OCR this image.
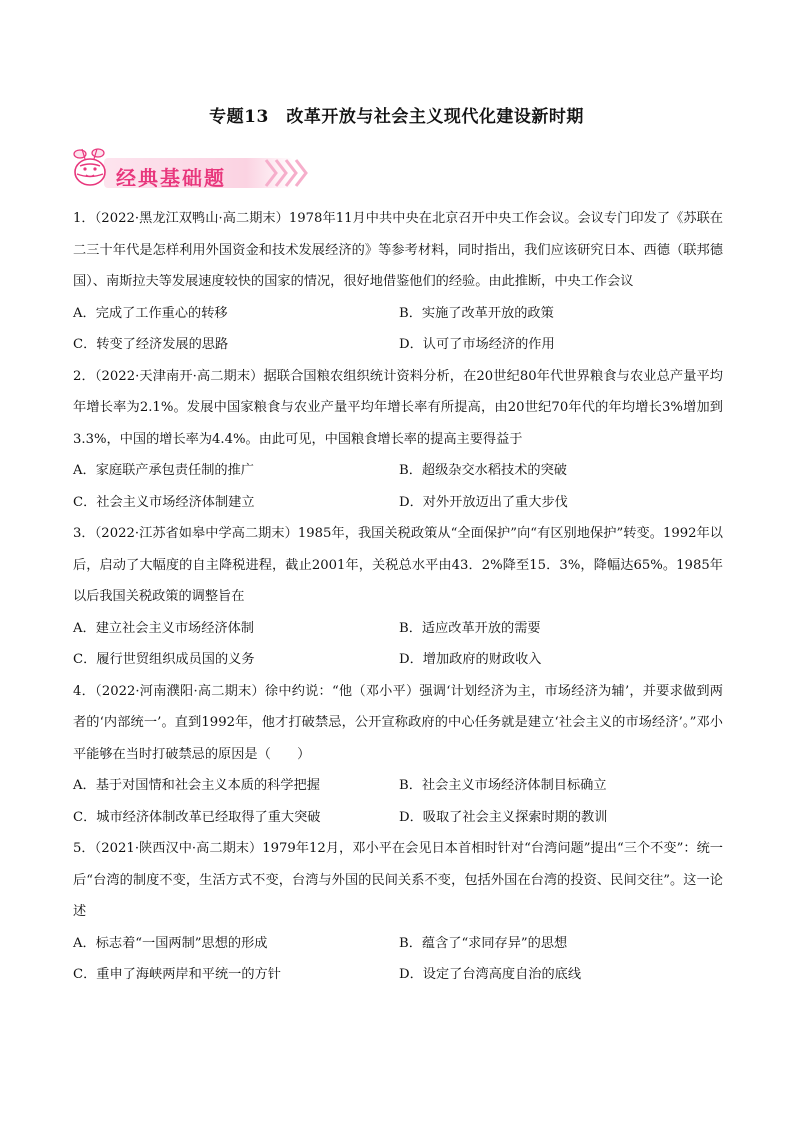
专题13　改革开放与社会主义现代化建设新时期
经典基础题

1．（2022·黑龙江双鸭山·高二期末）1978年11月中共中央在北京召开中央工作会议。会议专门印发了《苏联在二三十年代是怎样利用外国资金和技术发展经济的》等参考材料，同时指出，我们应该研究日本、西德（联邦德国）、南斯拉夫等发展速度较快的国家的情况，很好地借鉴他们的经验。由此推断，中央工作会议

A．完成了工作重心的转移	B．实施了改革开放的政策
C．转变了经济发展的思路	D．认可了市场经济的作用

2．（2022·天津南开·高二期末）据联合国粮农组织统计资料分析，在20世纪80年代世界粮食与农业总产量平均年增长率为2.1%。发展中国家粮食与农业产量平均年增长率有所提高，由20世纪70年代的年均增长3%增加到3.3%，中国的增长率为4.4%。由此可见，中国粮食增长率的提高主要得益于

A．家庭联产承包责任制的推广	B．超级杂交水稻技术的突破
C．社会主义市场经济体制建立	D．对外开放迈出了重大步伐

3．（2022·江苏省如皋中学高二期末）1985年，我国关税政策从“全面保护”向“有区别地保护”转变。1992年以后，启动了大幅度的自主降税进程，截止2001年，关税总水平由43．2%降至15．3%，降幅达65%。1985年以后我国关税政策的调整旨在

A．建立社会主义市场经济体制	B．适应改革开放的需要
C．履行世贸组织成员国的义务	D．增加政府的财政收入

4．（2022·河南濮阳·高二期末）徐中约说：“他（邓小平）强调‘计划经济为主，市场经济为辅’，并要求做到两者的‘内部统一’。直到1992年，他才打破禁忌，公开宣称政府的中心任务就是建立‘社会主义的市场经济’。”邓小平能够在当时打破禁忌的原因是（　　）

A．基于对国情和社会主义本质的科学把握	B．社会主义市场经济体制目标确立
C．城市经济体制改革已经取得了重大突破	D．吸取了社会主义探索时期的教训

5．（2021·陕西汉中·高二期末）1979年12月，邓小平在会见日本首相时针对“台湾问题”提出“三个不变”：统一后“台湾的制度不变，生活方式不变，台湾与外国的民间关系不变，包括外国在台湾的投资、民间交往”。这一论述

A．标志着“一国两制”思想的形成	B．蕴含了“求同存异”的思想
C．重申了海峡两岸和平统一的方针	D．设定了台湾高度自治的底线
